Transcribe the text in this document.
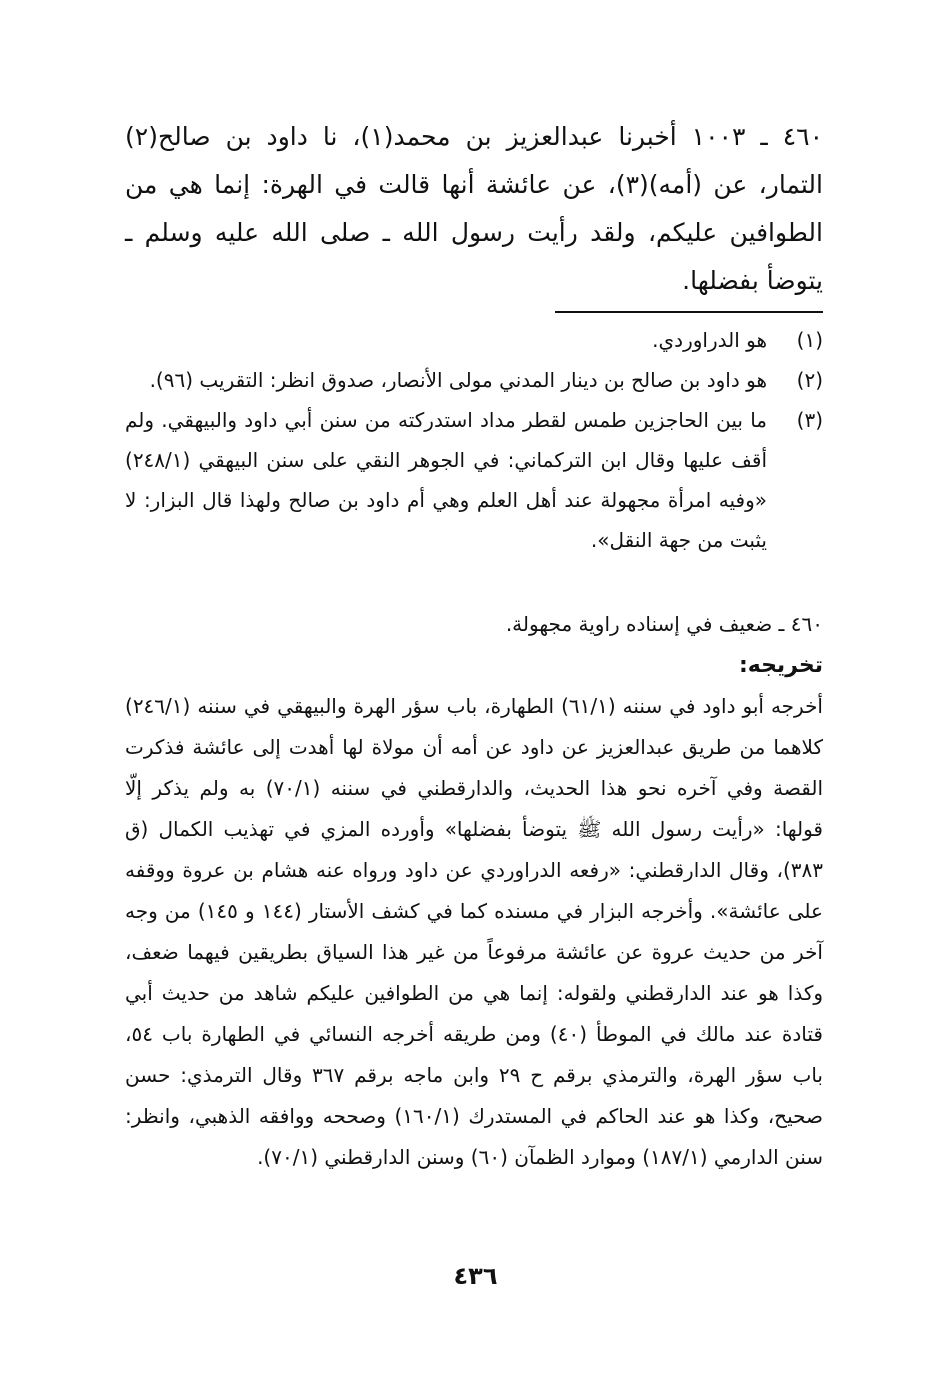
٤٦٠ ـ ١٠٠٣ أخبرنا عبدالعزيز بن محمد(١)، نا داود بن صالح(٢) التمار، عن (أمه)(٣)، عن عائشة أنها قالت في الهرة: إنما هي من الطوافين عليكم، ولقد رأيت رسول الله ـ صلى الله عليه وسلم ـ يتوضأ بفضلها.

(١)
هو الدراوردي.
(٢)
هو داود بن صالح بن دينار المدني مولى الأنصار، صدوق انظر: التقريب (٩٦).
(٣)
ما بين الحاجزين طمس لقطر مداد استدركته من سنن أبي داود والبيهقي. ولم أقف عليها وقال ابن التركماني: في الجوهر النقي على سنن البيهقي (٢٤٨/١) «وفيه امرأة مجهولة عند أهل العلم وهي أم داود بن صالح ولهذا قال البزار: لا يثبت من جهة النقل».

٤٦٠ ـ ضعيف في إسناده راوية مجهولة.

تخريجه:

أخرجه أبو داود في سننه (٦١/١) الطهارة، باب سؤر الهرة والبيهقي في سننه (٢٤٦/١) كلاهما من طريق عبدالعزيز عن داود عن أمه أن مولاة لها أهدت إلى عائشة فذكرت القصة وفي آخره نحو هذا الحديث، والدارقطني في سننه (٧٠/١) به ولم يذكر إلّا قولها: «رأيت رسول الله ﷺ يتوضأ بفضلها» وأورده المزي في تهذيب الكمال (ق ٣٨٣)، وقال الدارقطني: «رفعه الدراوردي عن داود ورواه عنه هشام بن عروة ووقفه على عائشة». وأخرجه البزار في مسنده كما في كشف الأستار (١٤٤ و ١٤٥) من وجه آخر من حديث عروة عن عائشة مرفوعاً من غير هذا السياق بطريقين فيهما ضعف، وكذا هو عند الدارقطني ولقوله: إنما هي من الطوافين عليكم شاهد من حديث أبي قتادة عند مالك في الموطأ (٤٠) ومن طريقه أخرجه النسائي في الطهارة باب ٥٤، باب سؤر الهرة، والترمذي برقم ح ٢٩ وابن ماجه برقم ٣٦٧ وقال الترمذي: حسن صحيح، وكذا هو عند الحاكم في المستدرك (١٦٠/١) وصححه ووافقه الذهبي، وانظر: سنن الدارمي (١٨٧/١) وموارد الظمآن (٦٠) وسنن الدارقطني (٧٠/١).

٤٣٦
